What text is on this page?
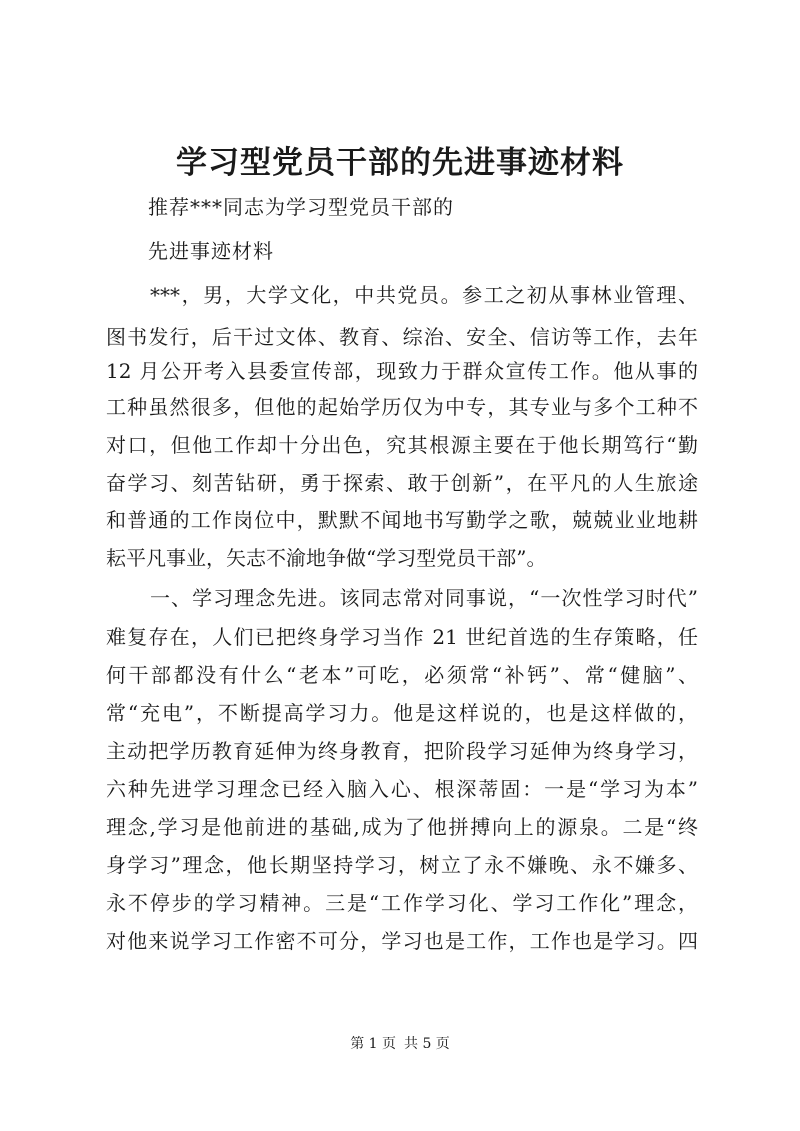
学习型党员干部的先进事迹材料
推荐***同志为学习型党员干部的
先进事迹材料
***，男，大学文化，中共党员。参工之初从事林业管理、
图书发行，后干过文体、教育、综治、安全、信访等工作，去年
12 月公开考入县委宣传部，现致力于群众宣传工作。他从事的
工种虽然很多，但他的起始学历仅为中专，其专业与多个工种不
对口，但他工作却十分出色，究其根源主要在于他长期笃行“勤
奋学习、刻苦钻研，勇于探索、敢于创新”，在平凡的人生旅途
和普通的工作岗位中，默默不闻地书写勤学之歌，兢兢业业地耕
耘平凡事业，矢志不渝地争做“学习型党员干部”。
一、学习理念先进。该同志常对同事说，“一次性学习时代”
难复存在，人们已把终身学习当作 21 世纪首选的生存策略，任
何干部都没有什么“老本”可吃，必须常“补钙”、常“健脑”、
常“充电”，不断提高学习力。他是这样说的，也是这样做的，
主动把学历教育延伸为终身教育，把阶段学习延伸为终身学习，
六种先进学习理念已经入脑入心、根深蒂固：一是“学习为本”
理念,学习是他前进的基础,成为了他拼搏向上的源泉。二是“终
身学习”理念，他长期坚持学习，树立了永不嫌晚、永不嫌多、
永不停步的学习精神。三是“工作学习化、学习工作化”理念，
对他来说学习工作密不可分，学习也是工作，工作也是学习。四
第 1 页 共 5 页
